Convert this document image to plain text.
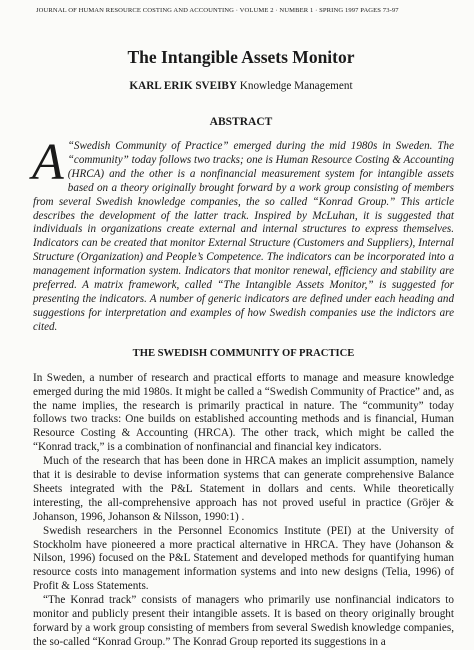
JOURNAL OF HUMAN RESOURCE COSTING AND ACCOUNTING · VOLUME 2 · NUMBER 1 · SPRING 1997 PAGES 73-97
The Intangible Assets Monitor
KARL ERIK SVEIBY Knowledge Management
ABSTRACT
A “Swedish Community of Practice” emerged during the mid 1980s in Sweden. The “community” today follows two tracks; one is Human Resource Costing & Accounting (HRCA) and the other is a nonfinancial measurement system for intangible assets based on a theory originally brought forward by a work group consisting of members from several Swedish knowledge companies, the so called “Konrad Group.” This article describes the development of the latter track. Inspired by McLuhan, it is suggested that individuals in organizations create external and internal structures to express themselves. Indicators can be created that monitor External Structure (Customers and Suppliers), Internal Structure (Organization) and People’s Competence. The indicators can be incorporated into a management information system. Indicators that monitor renewal, efficiency and stability are preferred. A matrix framework, called “The Intangible Assets Monitor,” is suggested for presenting the indicators. A number of generic indicators are defined under each heading and suggestions for interpretation and examples of how Swedish companies use the indictors are cited.
THE SWEDISH COMMUNITY OF PRACTICE

In Sweden, a number of research and practical efforts to manage and measure knowledge emerged during the mid 1980s. It might be called a “Swedish Community of Practice” and, as the name implies, the research is primarily practical in nature. The “community” today follows two tracks: One builds on established accounting methods and is financial, Human Resource Costing & Accounting (HRCA). The other track, which might be called the “Konrad track,” is a combination of nonfinancial and financial key indicators.

Much of the research that has been done in HRCA makes an implicit assumption, namely that it is desirable to devise information systems that can generate comprehensive Balance Sheets integrated with the P&L Statement in dollars and cents. While theoretically interesting, the all-comprehensive approach has not proved useful in practice (Gröjer & Johanson, 1996, Johanson & Nilsson, 1990:1) .

Swedish researchers in the Personnel Economics Institute (PEI) at the University of Stockholm have pioneered a more practical alternative in HRCA. They have (Johanson & Nilson, 1996) focused on the P&L Statement and developed methods for quantifying human resource costs into management information systems and into new designs (Telia, 1996) of Profit & Loss Statements.

“The Konrad track” consists of managers who primarily use nonfinancial indicators to monitor and publicly present their intangible assets. It is based on theory originally brought forward by a work group consisting of members from several Swedish knowledge companies, the so-called “Konrad Group.” The Konrad Group reported its suggestions in a
